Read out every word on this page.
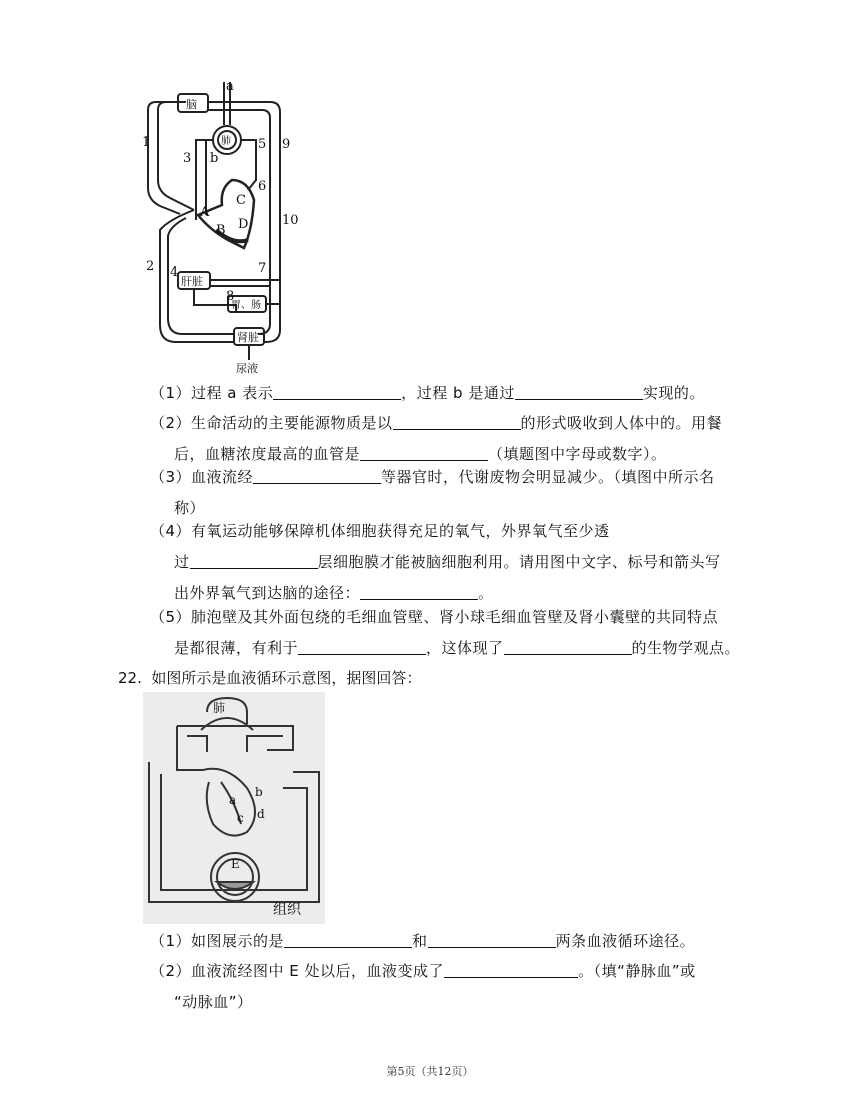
a
脑
肺
b
1
3
5 9
6
10
C
A
B D
2 4	7
8
肝脏
胃、肠
肾脏
尿液
（1）过程 a 表示	，过程 b 是通过	实现的。
（2）生命活动的主要能源物质是以	的形式吸收到人体中的。用餐
后，血糖浓度最高的血管是	（填题图中字母或数字）。
（3）血液流经	等器官时，代谢废物会明显减少。（填图中所示名
称）
（4）有氧运动能够保障机体细胞获得充足的氧气，外界氧气至少透
过	层细胞膜才能被脑细胞利用。请用图中文字、标号和箭头写
出外界氧气到达脑的途径：	。
（5）肺泡壁及其外面包绕的毛细血管壁、肾小球毛细血管壁及肾小囊壁的共同特点
是都很薄，有利于	，这体现了	的生物学观点。
22. 如图所示是血液循环示意图，据图回答：
肺
a
b
c d
E
组织
（1）如图展示的是	和	两条血液循环途径。
（2）血液流经图中 E 处以后，血液变成了	。（填“静脉血”或
“动脉血”）
第5页（共12页）
